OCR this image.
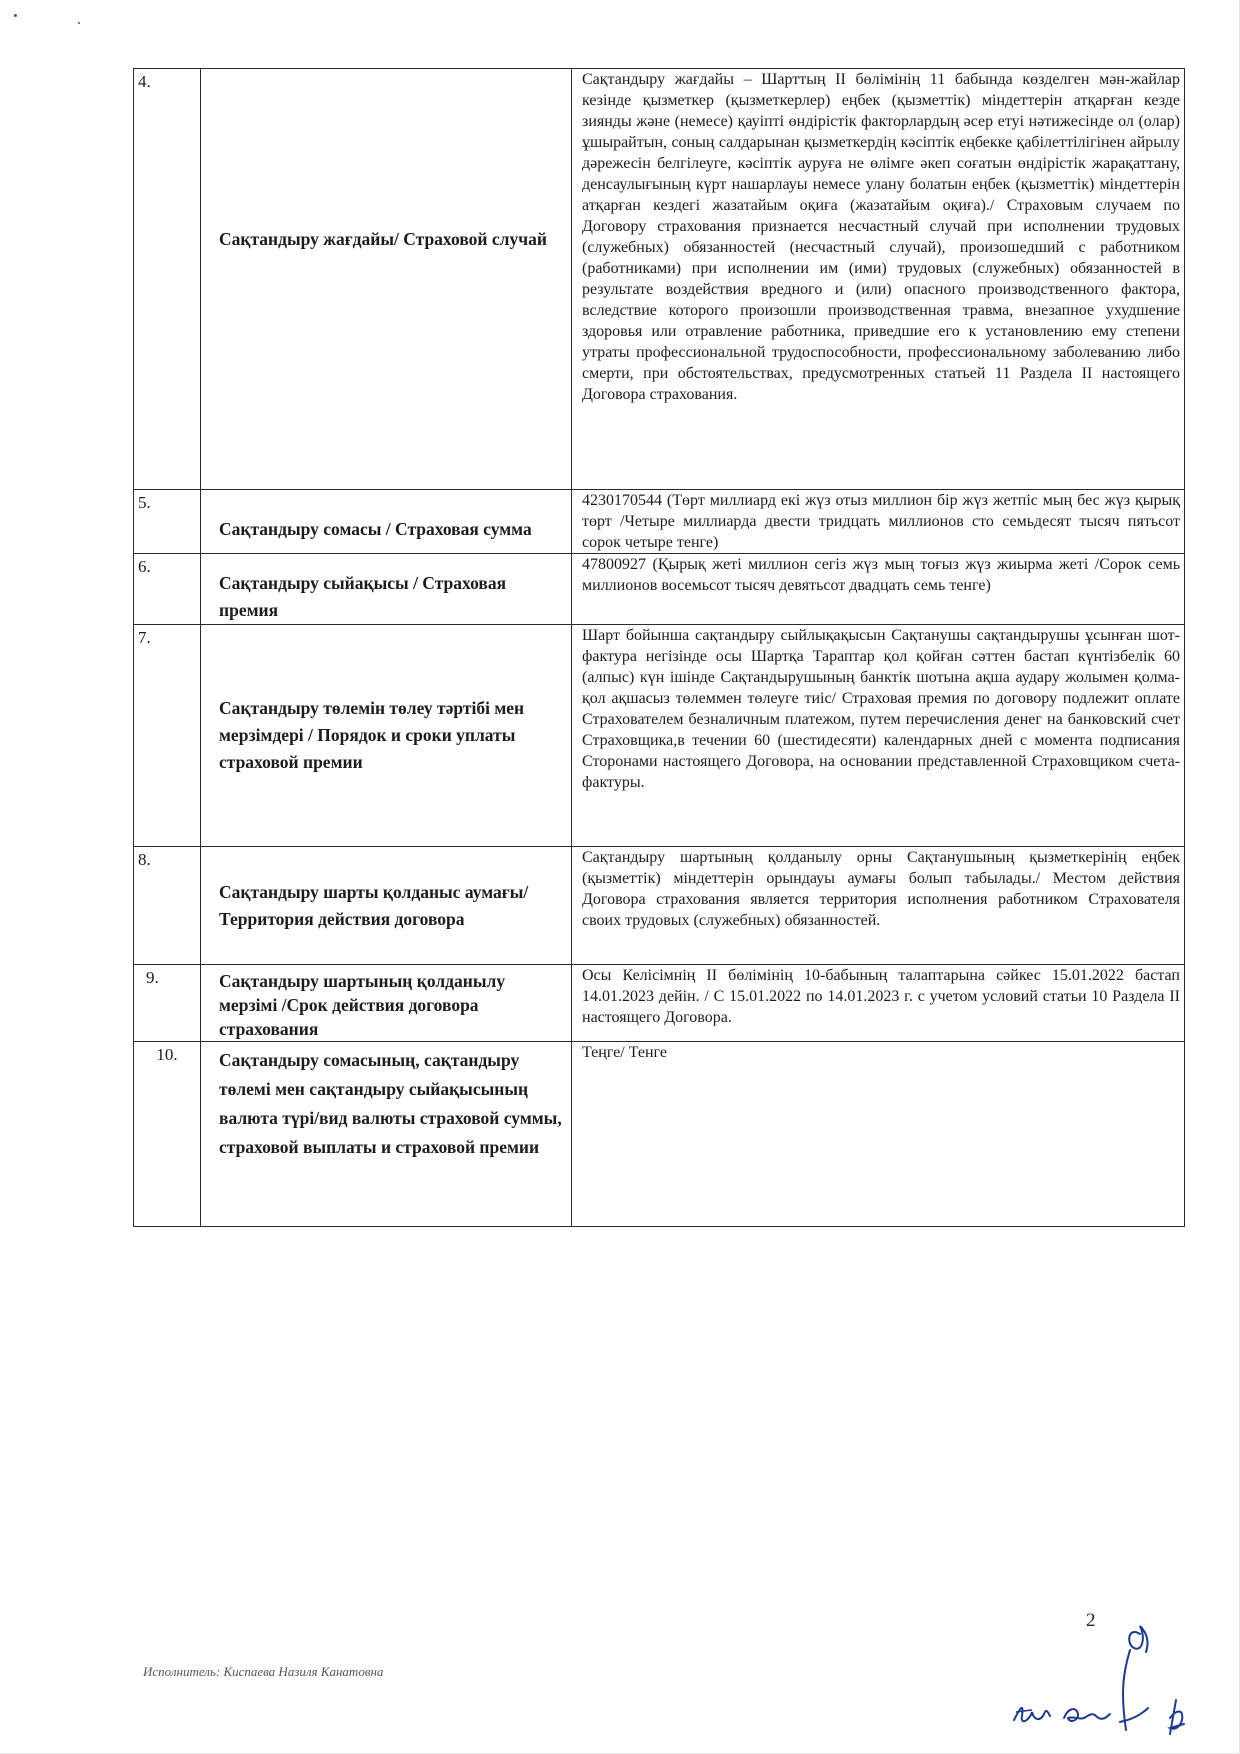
4.	Сақтандыру жағдайы/ Страховой случай	Сақтандыру жағдайы – Шарттың II бөлімінің 11 бабында көзделген мән-жайлар кезінде қызметкер (қызметкерлер) еңбек (қызметтік) міндеттерін атқарған кезде зиянды және (немесе) қауіпті өндірістік факторлардың әсер етуі нәтижесінде ол (олар) ұшырайтын, соның салдарынан қызметкердің кәсіптік еңбекке қабілеттілігінен айрылу дәрежесін белгілеуге, кәсіптік ауруға не өлімге әкеп соғатын өндірістік жарақаттану, денсаулығының күрт нашарлауы немесе улану болатын еңбек (қызметтік) міндеттерін атқарған кездегі жазатайым оқиға (жазатайым оқиға)./ Страховым случаем по Договору страхования признается несчастный случай при исполнении трудовых (служебных) обязанностей (несчастный случай), произошедший с работником (работниками) при исполнении им (ими) трудовых (служебных) обязанностей в результате воздействия вредного и (или) опасного производственного фактора, вследствие которого произошли производственная травма, внезапное ухудшение здоровья или отравление работника, приведшие его к установлению ему степени утраты профессиональной трудоспособности, профессиональному заболеванию либо смерти, при обстоятельствах, предусмотренных статьей 11 Раздела II настоящего Договора страхования.
5.	Сақтандыру сомасы / Страховая сумма	4230170544 (Төрт миллиард екі жүз отыз миллион бір жүз жетпіс мың бес жүз қырық төрт /Четыре миллиарда двести тридцать миллионов сто семьдесят тысяч пятьсот сорок четыре тенге)
6.	Сақтандыру сыйақысы / Страховая премия	47800927 (Қырық жеті миллион сегіз жүз мың тоғыз жүз жиырма жеті /Сорок семь миллионов восемьсот тысяч девятьсот двадцать семь тенге)
7.	Сақтандыру төлемін төлеу тәртібі мен мерзімдері / Порядок и сроки уплаты страховой премии	Шарт бойынша сақтандыру сыйлықақысын Сақтанушы сақтандырушы ұсынған шот-фактура негізінде осы Шартқа Тараптар қол қойған сәттен бастап күнтізбелік 60 (алпыс) күн ішінде Сақтандырушының банктік шотына ақша аудару жолымен қолма-қол ақшасыз төлеммен төлеуге тиіс/ Страховая премия по договору подлежит оплате Страхователем безналичным платежом, путем перечисления денег на банковский счет Страховщика,в течении 60 (шестидесяти) календарных дней с момента подписания Сторонами настоящего Договора, на основании представленной Страховщиком счета-фактуры.
8.	Сақтандыру шарты қолданыс аумағы/Территория действия договора	Сақтандыру шартының қолданылу орны Сақтанушының қызметкерінің еңбек (қызметтік) міндеттерін орындауы аумағы болып табылады./ Местом действия Договора страхования является территория исполнения работником Страхователя своих трудовых (служебных) обязанностей.
9.	Сақтандыру шартының қолданылу мерзімі /Срок действия договора страхования	Осы Келісімнің II бөлімінің 10-бабының талаптарына сәйкес 15.01.2022 бастап 14.01.2023 дейін. / С 15.01.2022 по 14.01.2023 г. с учетом условий статьи 10 Раздела II настоящего Договора.
10.	Сақтандыру сомасының, сақтандыру төлемі мен сақтандыру сыйақысының валюта түрі/вид валюты страховой суммы, страховой выплаты и страховой премии	Теңге/ Тенге
Исполнитель: Киспаева Назиля Канатовна
2
